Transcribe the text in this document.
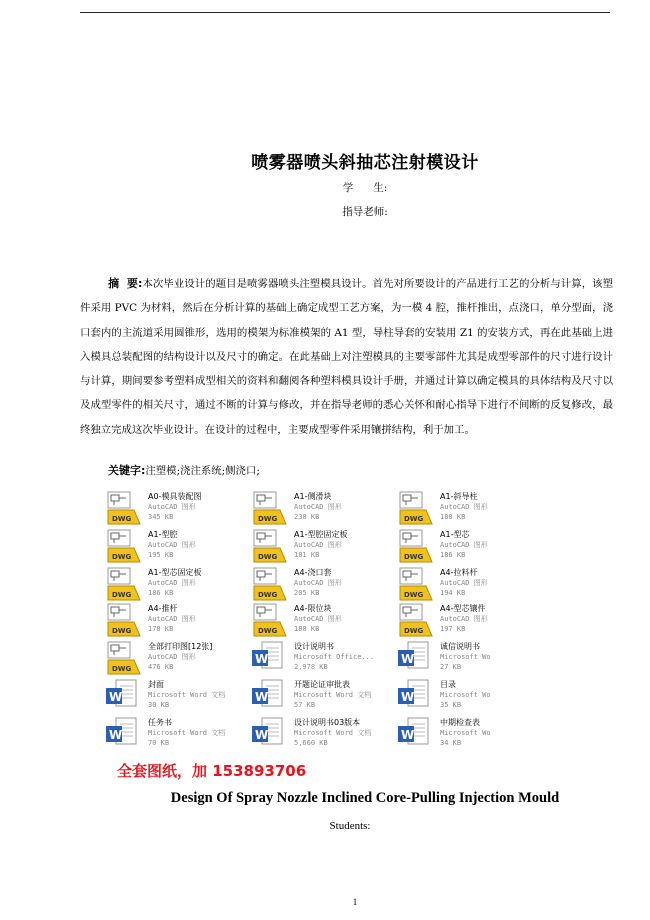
喷雾器喷头斜抽芯注射模设计
学      生:
指导老师:
摘  要:本次毕业设计的题目是喷雾器喷头注塑模具设计。首先对所要设计的产品进行工艺的分析与计算，该塑件采用 PVC 为材料，然后在分析计算的基础上确定成型工艺方案，为一模 4 腔，推杆推出，点浇口，单分型面，浇口套内的主流道采用圆锥形，选用的模架为标准模架的 A1 型，导柱导套的安装用 Z1 的安装方式，再在此基础上进入模具总装配图的结构设计以及尺寸的确定。在此基础上对注塑模具的主要零部件尤其是成型零部件的尺寸进行设计与计算，期间要参考塑料成型相关的资料和翻阅各种塑料模具设计手册，并通过计算以确定模具的具体结构及尺寸以及成型零件的相关尺寸，通过不断的计算与修改，并在指导老师的悉心关怀和耐心指导下进行不间断的反复修改，最终独立完成这次毕业设计。在设计的过程中，主要成型零件采用镶拼结构，利于加工。
关键字:注塑模;浇注系统;侧浇口;
DWG
A0-模具装配图
AutoCAD 图形
345 KB	DWG
A1-侧滑块
AutoCAD 图形
230 KB	DWG
A1-斜导柱
AutoCAD 图形
180 KB
DWG
A1-型腔
AutoCAD 图形
195 KB	DWG
A1-型腔固定板
AutoCAD 图形
181 KB	DWG
A1-型芯
AutoCAD 图形
186 KB
DWG
A1-型芯固定板
AutoCAD 图形
186 KB	DWG
A4-浇口套
AutoCAD 图形
205 KB	DWG
A4-拉料杆
AutoCAD 图形
194 KB
DWG
A4-推杆
AutoCAD 图形
178 KB	DWG
A4-限位块
AutoCAD 图形
180 KB	DWG
A4-型芯镶件
AutoCAD 图形
197 KB
DWG
全部打印图[12张]
AutoCAD 图形
476 KB
W
设计说明书
Microsoft Office...
2,978 KB
W
诚信说明书
Microsoft Wo
27 KB
W
封面
Microsoft Word 文档
30 KB
W
开题论证审批表
Microsoft Word 文档
57 KB
W
目录
Microsoft Wo
35 KB
W
任务书
Microsoft Word 文档
70 KB
W
设计说明书03版本
Microsoft Word 文档
5,660 KB
W
中期检查表
Microsoft Wo
34 KB
全套图纸，加 153893706
Design Of Spray Nozzle Inclined Core-Pulling Injection Mould
Students:
1
